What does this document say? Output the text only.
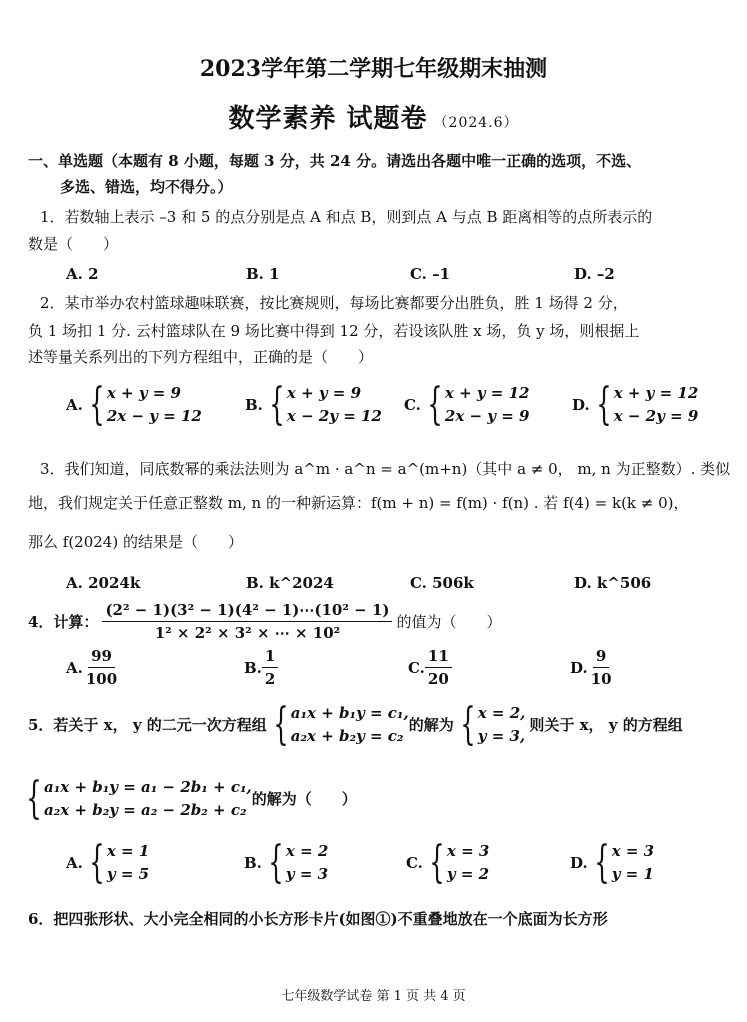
2023学年第二学期七年级期末抽测
数学素养 试题卷 （2024.6）
一、单选题（本题有 8 小题，每题 3 分，共 24 分。请选出各题中唯一正确的选项，不选、
多选、错选，均不得分。）
1．若数轴上表示 –3 和 5 的点分别是点 A 和点 B，则到点 A 与点 B 距离相等的点所表示的
数是（　　）
A. 2	B. 1	C. –1	D. –2
2．某市举办农村篮球趣味联赛，按比赛规则，每场比赛都要分出胜负，胜 1 场得 2 分，
负 1 场扣 1 分. 云村篮球队在 9 场比赛中得到 12 分，若设该队胜 x 场，负 y 场，则根据上
述等量关系列出的下列方程组中，正确的是（　　）
A. { x + y = 9
2x − y = 12
B. { x + y = 9
x − 2y = 12
C. { x + y = 12
2x − y = 9
D. { x + y = 12
x − 2y = 9
3．我们知道，同底数幂的乘法法则为 a^m · a^n = a^(m+n)（其中 a ≠ 0， m, n 为正整数）. 类似
地，我们规定关于任意正整数 m, n 的一种新运算：f(m + n) = f(m) · f(n) . 若 f(4) = k(k ≠ 0)，
那么 f(2024) 的结果是（　　）
A. 2024k	B. k^2024	C. 506k	D. k^506
4．计算： $\frac{\text{(2² − 1)(3² − 1)(4² − 1)⋯(10² − 1)}}{\text{1² × 2² × 3² × ⋯ × 10²}}$ 的值为（　　）
A. $\frac{99}{100}$	B. $\frac{1}{2}$	C. $\frac{11}{20}$	D. $\frac{9}{10}$
5．若关于 x， y 的二元一次方程组 { a₁x + b₁y = c₁,
a₂x + b₂y = c₂
的解为 { x = 2,
y = 3,
则关于 x， y 的方程组
{ a₁x + b₁y = a₁ − 2b₁ + c₁,
a₂x + b₂y = a₂ − 2b₂ + c₂
的解为（　　）
A. { x = 1
y = 5
B. { x = 2
y = 3
C. { x = 3
y = 2
D. { x = 3
y = 1
6．把四张形状、大小完全相同的小长方形卡片(如图①)不重叠地放在一个底面为长方形
七年级数学试卷 第 1 页 共 4 页
